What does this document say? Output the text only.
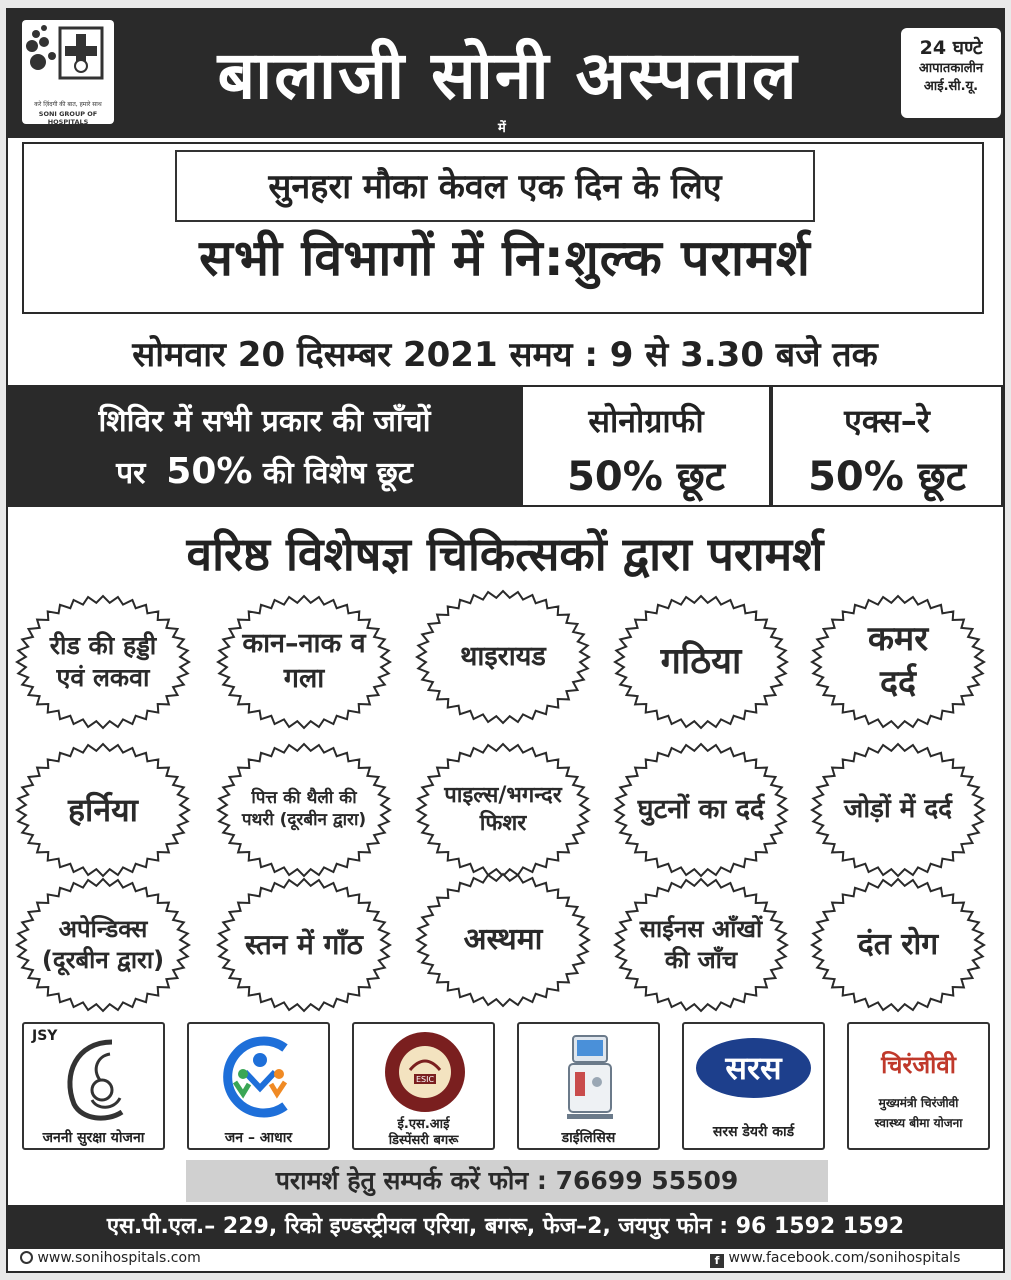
करे ज़िंदगी की बात, हमारे साथ
SONI GROUP OF HOSPITALS
बालाजी सोनी अस्पताल
में
24 घण्टे
आपातकालीन
आई.सी.यू.
सुनहरा मौका केवल एक दिन के लिए
सभी विभागों में नि:शुल्क परामर्श
सोमवार 20 दिसम्बर 2021 समय : 9 से 3.30 बजे तक
शिविर में सभी प्रकार की जाँचों
पर 50% की विशेष छूट
सोनोग्राफी
50% छूट
एक्स–रे
50% छूट
वरिष्ठ विशेषज्ञ चिकित्सकों द्वारा परामर्श
रीड की हड्डी एवं लकवा
कान–नाक व गला
थाइरायड	गठिया
कमर दर्द
हर्निया	पित्त की थैली की पथरी (दूरबीन द्वारा)
पाइल्स/भगन्दर फिशर	घुटनों का दर्द	जोड़ों में दर्द
अपेन्डिक्स (दूरबीन द्वारा)	स्तन में गाँठ	अस्थमा	साईनस आँखों की जाँच	दंत रोग
JSY
जननी सुरक्षा योजना	जन – आधार
ESIC
ई.एस.आई
डिस्पेंसरी बगरू	डाईलिसिस
सरस
सरस डेयरी कार्ड
चिरंजीवी
मुख्यमंत्री चिरंजीवी
स्वास्थ्य बीमा योजना
परामर्श हेतु सम्पर्क करें फोन : 76699 55509
एस.पी.एल.– 229, रिको इण्डस्ट्रीयल एरिया, बगरू, फेज–2, जयपुर फोन : 96 1592 1592
www.sonihospitals.com	f www.facebook.com/sonihospitals
